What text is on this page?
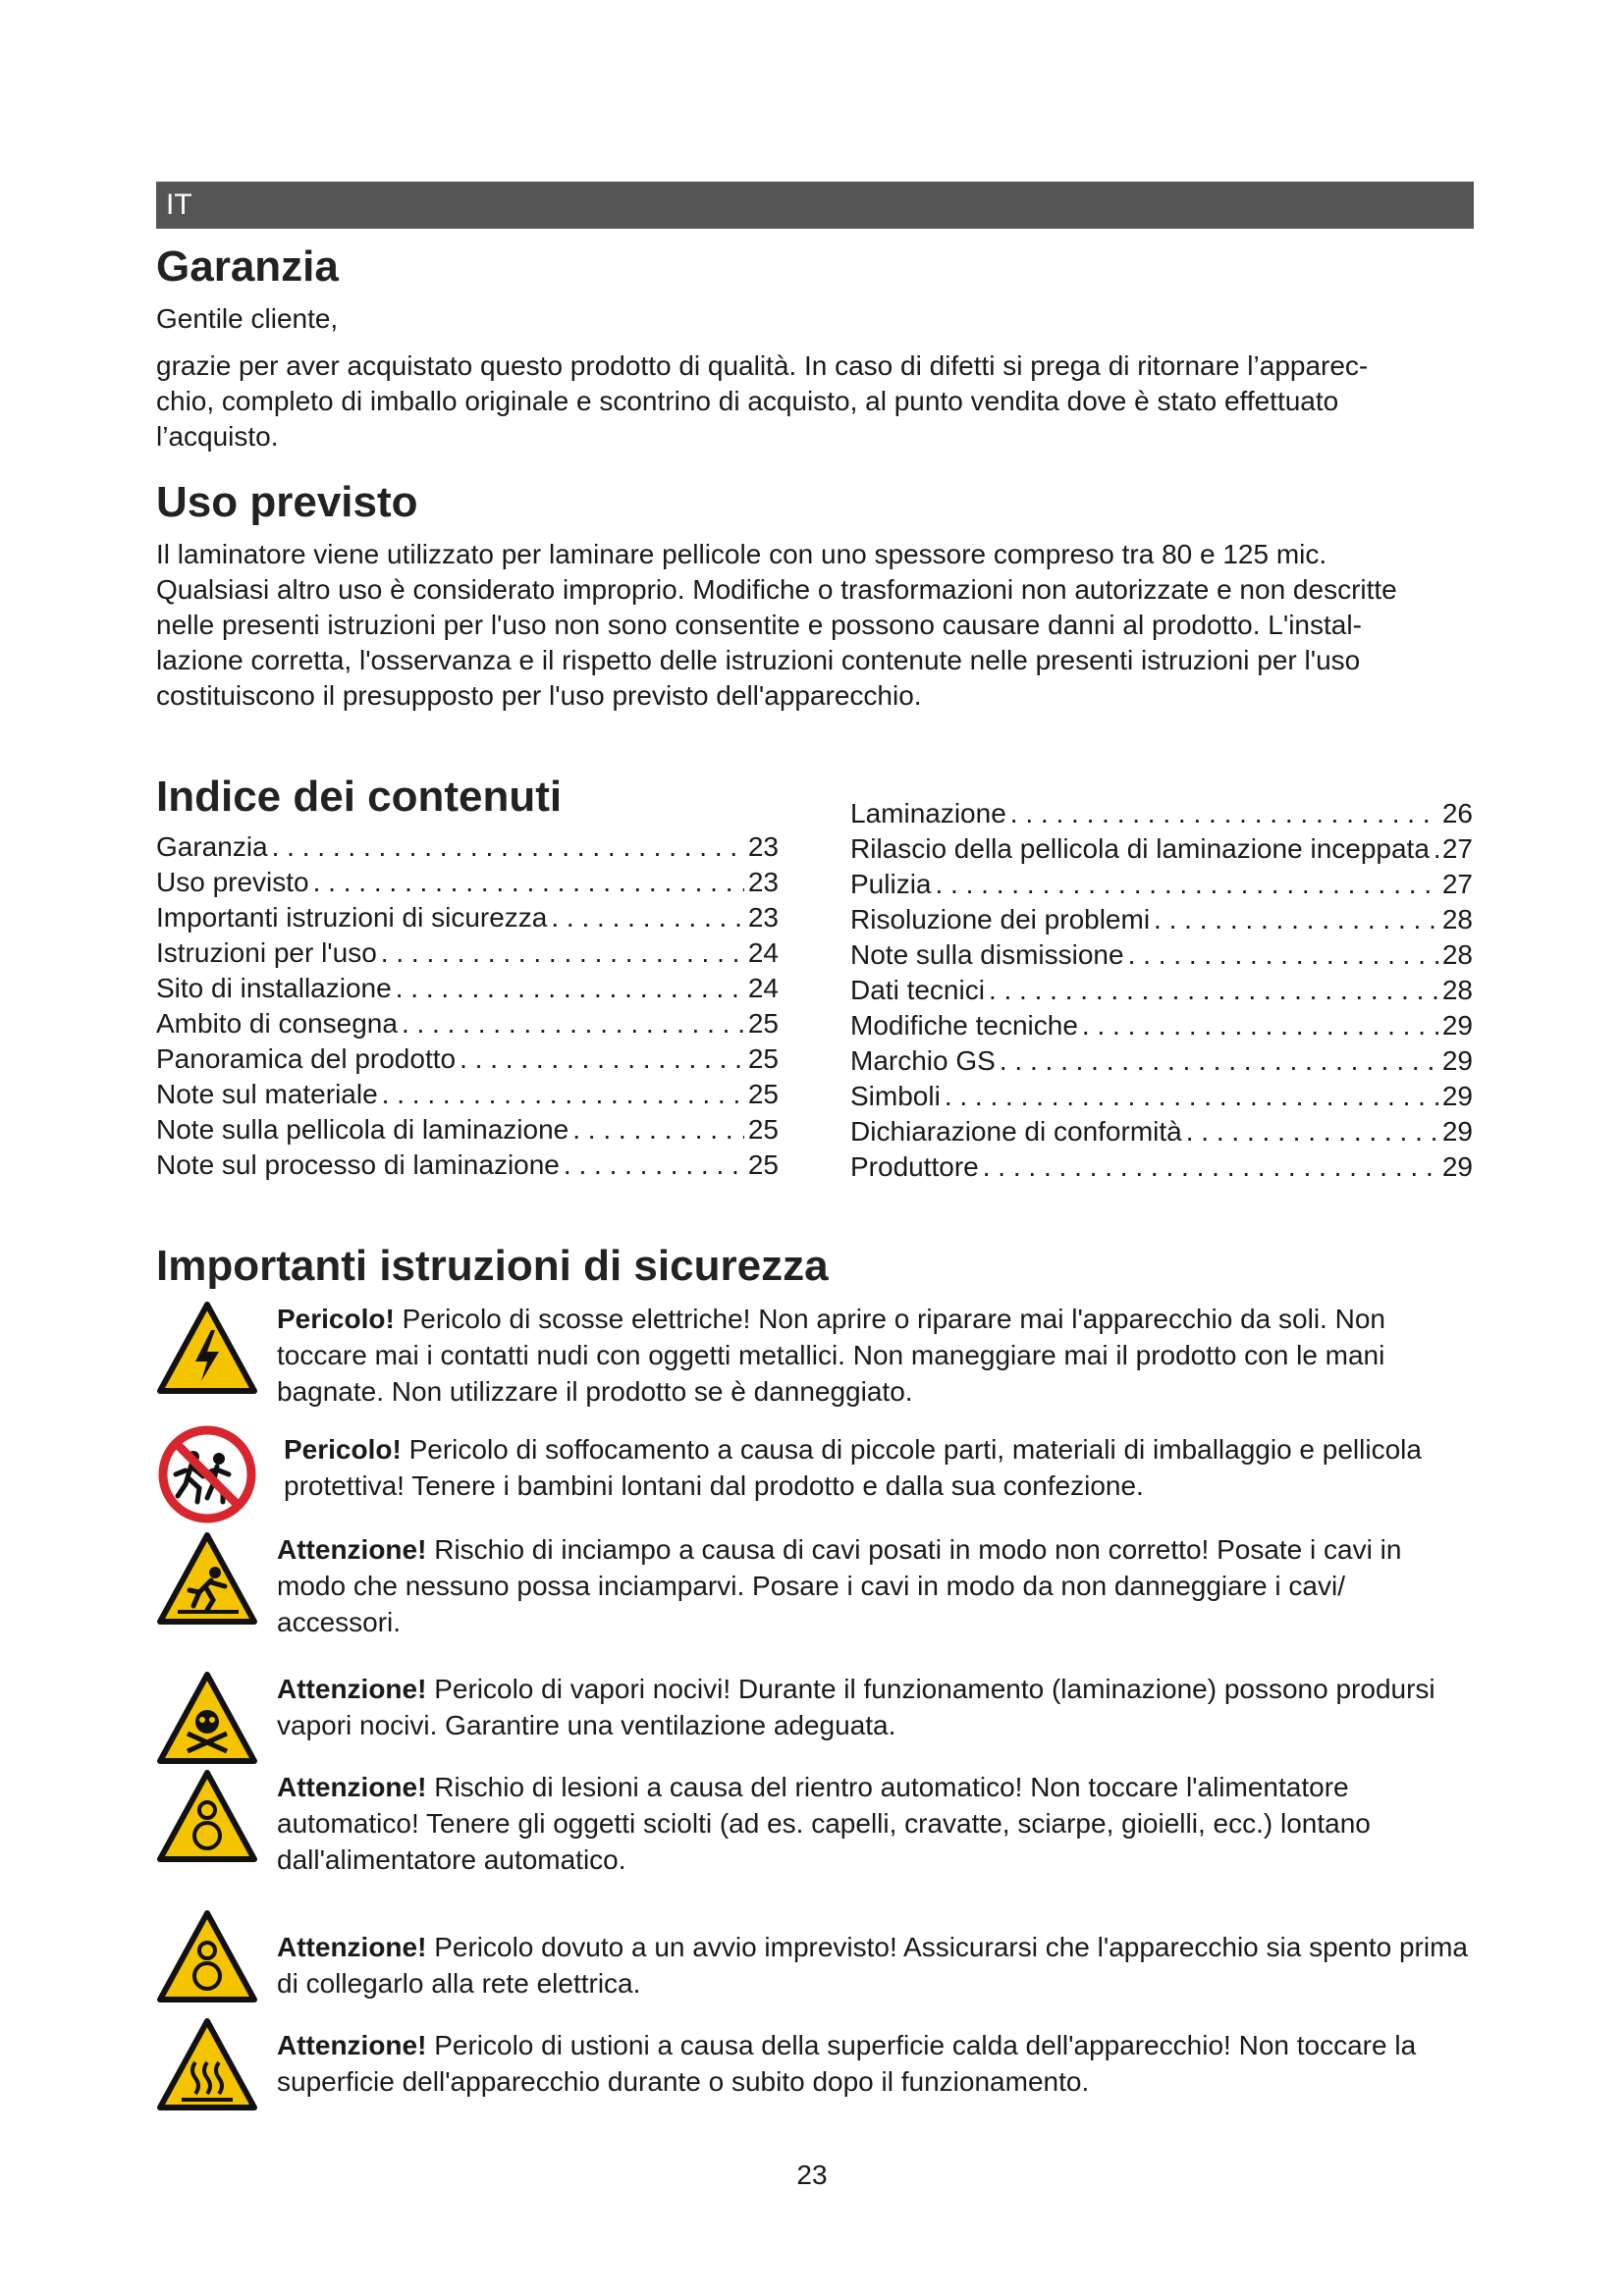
IT
Garanzia

Gentile cliente,

grazie per aver acquistato questo prodotto di qualità. In caso di difetti si prega di ritornare l’apparec-
chio, completo di imballo originale e scontrino di acquisto, al punto vendita dove è stato effettuato
l’acquisto.
Uso previsto
Il laminatore viene utilizzato per laminare pellicole con uno spessore compreso tra 80 e 125 mic.
Qualsiasi altro uso è considerato improprio. Modifiche o trasformazioni non autorizzate e non descritte
nelle presenti istruzioni per l'uso non sono consentite e possono causare danni al prodotto. L'instal-
lazione corretta, l'osservanza e il rispetto delle istruzioni contenute nelle presenti istruzioni per l'uso
costituiscono il presupposto per l'uso previsto dell'apparecchio.
Indice dei contenuti
Garanzia . . .	23
Uso previsto . . .	23
Importanti istruzioni di sicurezza . . .	23
Istruzioni per l'uso . . .	24
Sito di installazione . . .	24
Ambito di consegna . . .	25
Panoramica del prodotto . . .	25
Note sul materiale . . .	25
Note sulla pellicola di laminazione . . .	25
Note sul processo di laminazione . . .	25
Laminazione . . .	26
Rilascio della pellicola di laminazione inceppata . . . 27
Pulizia . . .	27
Risoluzione dei problemi . . .	28
Note sulla dismissione . . .	28
Dati tecnici . . .	28
Modifiche tecniche . . .	29
Marchio GS . . .	29
Simboli . . .	29
Dichiarazione di conformità . . .	29
Produttore . . .	29
Importanti istruzioni di sicurezza

Pericolo! Pericolo di scosse elettriche! Non aprire o riparare mai l'apparecchio da soli. Non toccare mai i contatti nudi con oggetti metallici. Non maneggiare mai il prodotto con le mani bagnate. Non utilizzare il prodotto se è danneggiato.

Pericolo! Pericolo di soffocamento a causa di piccole parti, materiali di imballaggio e pellicola protettiva! Tenere i bambini lontani dal prodotto e dalla sua confezione.

Attenzione! Rischio di inciampo a causa di cavi posati in modo non corretto! Posate i cavi in modo che nessuno possa inciamparvi. Posare i cavi in modo da non danneggiare i cavi/ accessori.

Attenzione! Pericolo di vapori nocivi! Durante il funzionamento (laminazione) possono prodursi vapori nocivi. Garantire una ventilazione adeguata.

Attenzione! Rischio di lesioni a causa del rientro automatico! Non toccare l'alimentatore automatico! Tenere gli oggetti sciolti (ad es. capelli, cravatte, sciarpe, gioielli, ecc.) lontano dall'alimentatore automatico.

Attenzione! Pericolo dovuto a un avvio imprevisto! Assicurarsi che l'apparecchio sia spento prima di collegarlo alla rete elettrica.

Attenzione! Pericolo di ustioni a causa della superficie calda dell'apparecchio! Non toccare la superficie dell'apparecchio durante o subito dopo il funzionamento.

23
